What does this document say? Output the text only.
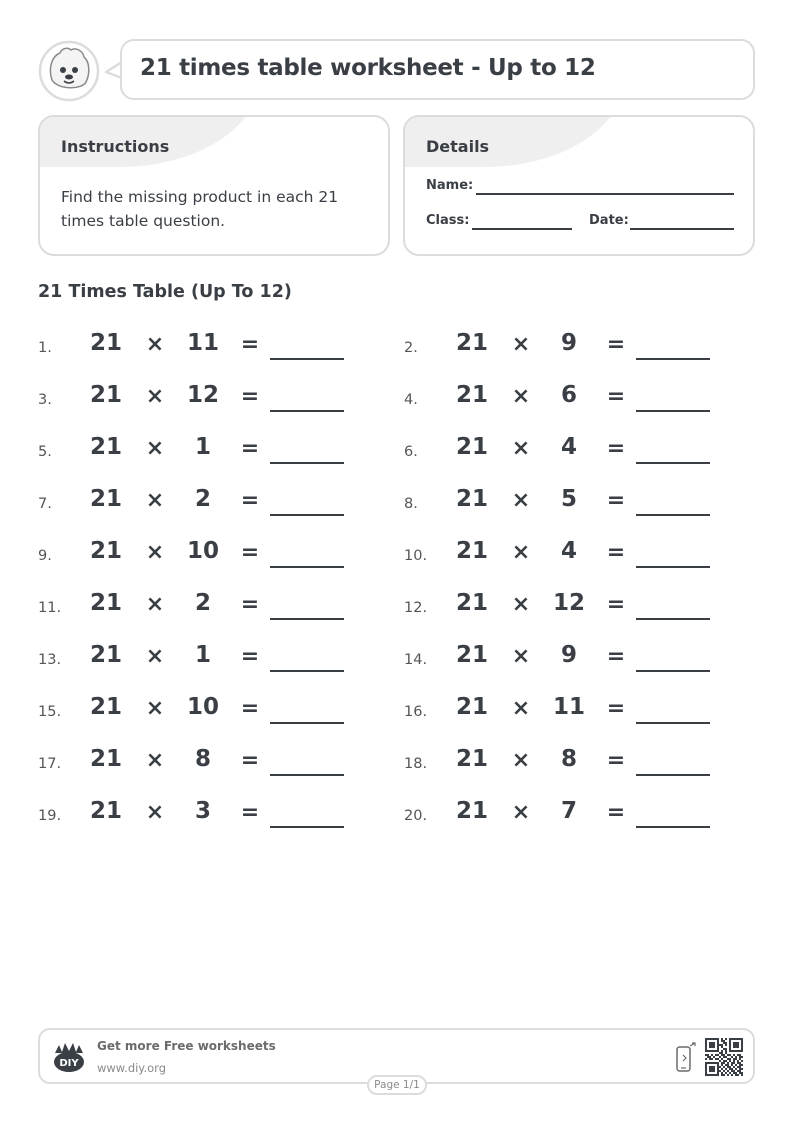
21 times table worksheet - Up to 12
Instructions
Find the missing product in each 21 times table question.
Details
Name:
Class:	Date:
21 Times Table (Up To 12)
1.	21 × 11 =	2.	21 ×	9	=
3.	21 × 12 =	4.	21 ×	6	=
5.	21 ×	1	=	6.	21 ×	4	=
7.	21 ×	2	=	8.	21 ×	5	=
9.	21 × 10 =	10.	21 ×	4	=
11.	21 ×	2	=	12.	21 × 12 =
13.	21 ×	1	=	14.	21 ×	9	=
15.	21 × 10 =	16.	21 × 11 =
17.	21 ×	8	=	18.	21 ×	8	=
19.	21 ×	3	=	20.	21 ×	7	=
DIY
Get more Free worksheets
www.diy.org
Page 1/1
